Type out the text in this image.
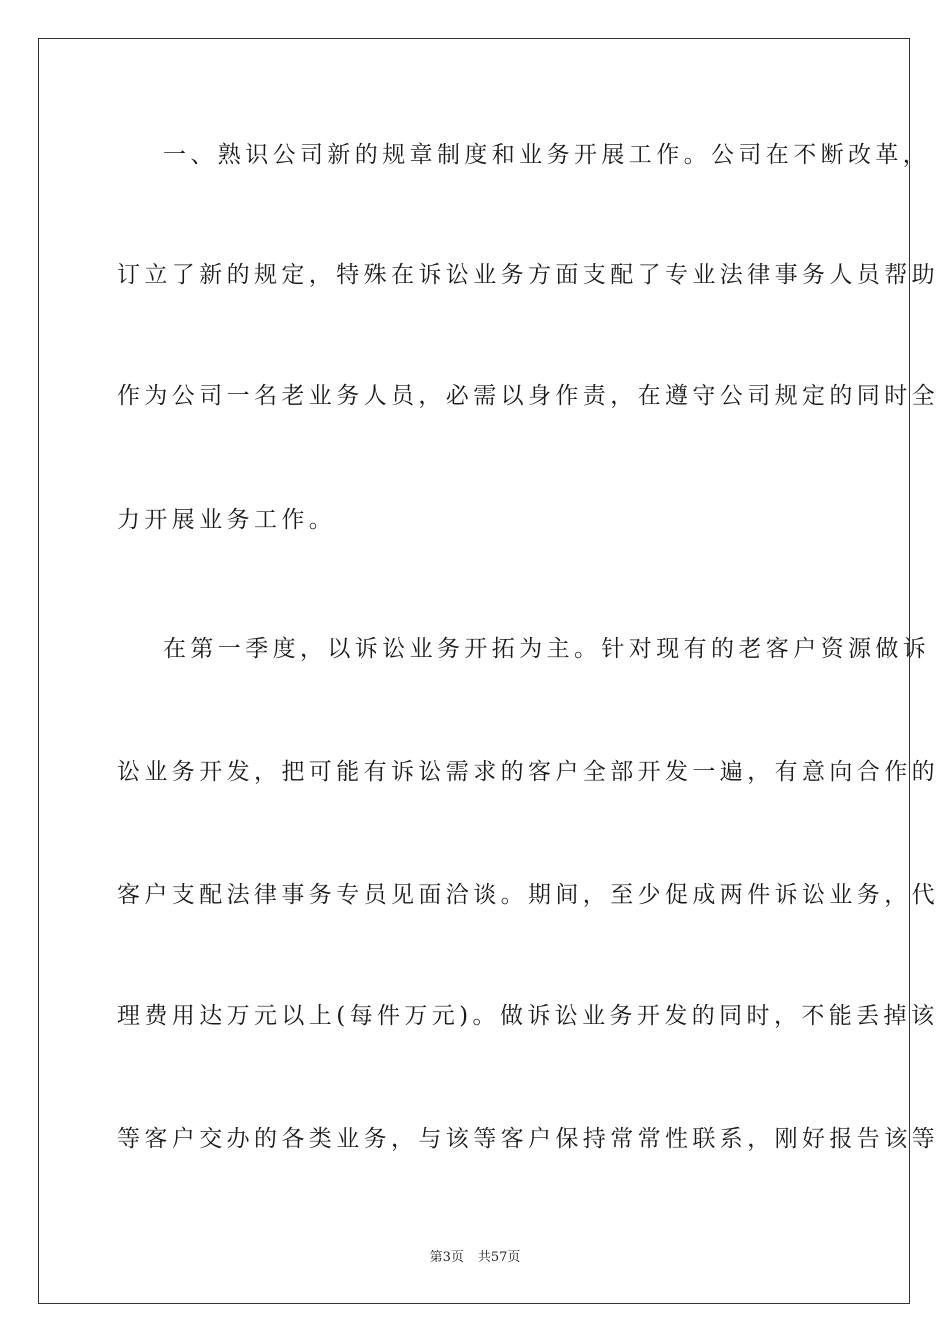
一、熟识公司新的规章制度和业务开展工作。公司在不断改革，
订立了新的规定，特殊在诉讼业务方面支配了专业法律事务人员帮助
作为公司一名老业务人员，必需以身作责，在遵守公司规定的同时全
力开展业务工作。
在第一季度，以诉讼业务开拓为主。针对现有的老客户资源做诉
讼业务开发，把可能有诉讼需求的客户全部开发一遍，有意向合作的
客户支配法律事务专员见面洽谈。期间，至少促成两件诉讼业务，代
理费用达万元以上(每件万元)。做诉讼业务开发的同时，不能丢掉该
等客户交办的各类业务，与该等客户保持常常性联系，刚好报告该等
第3页 共57页
